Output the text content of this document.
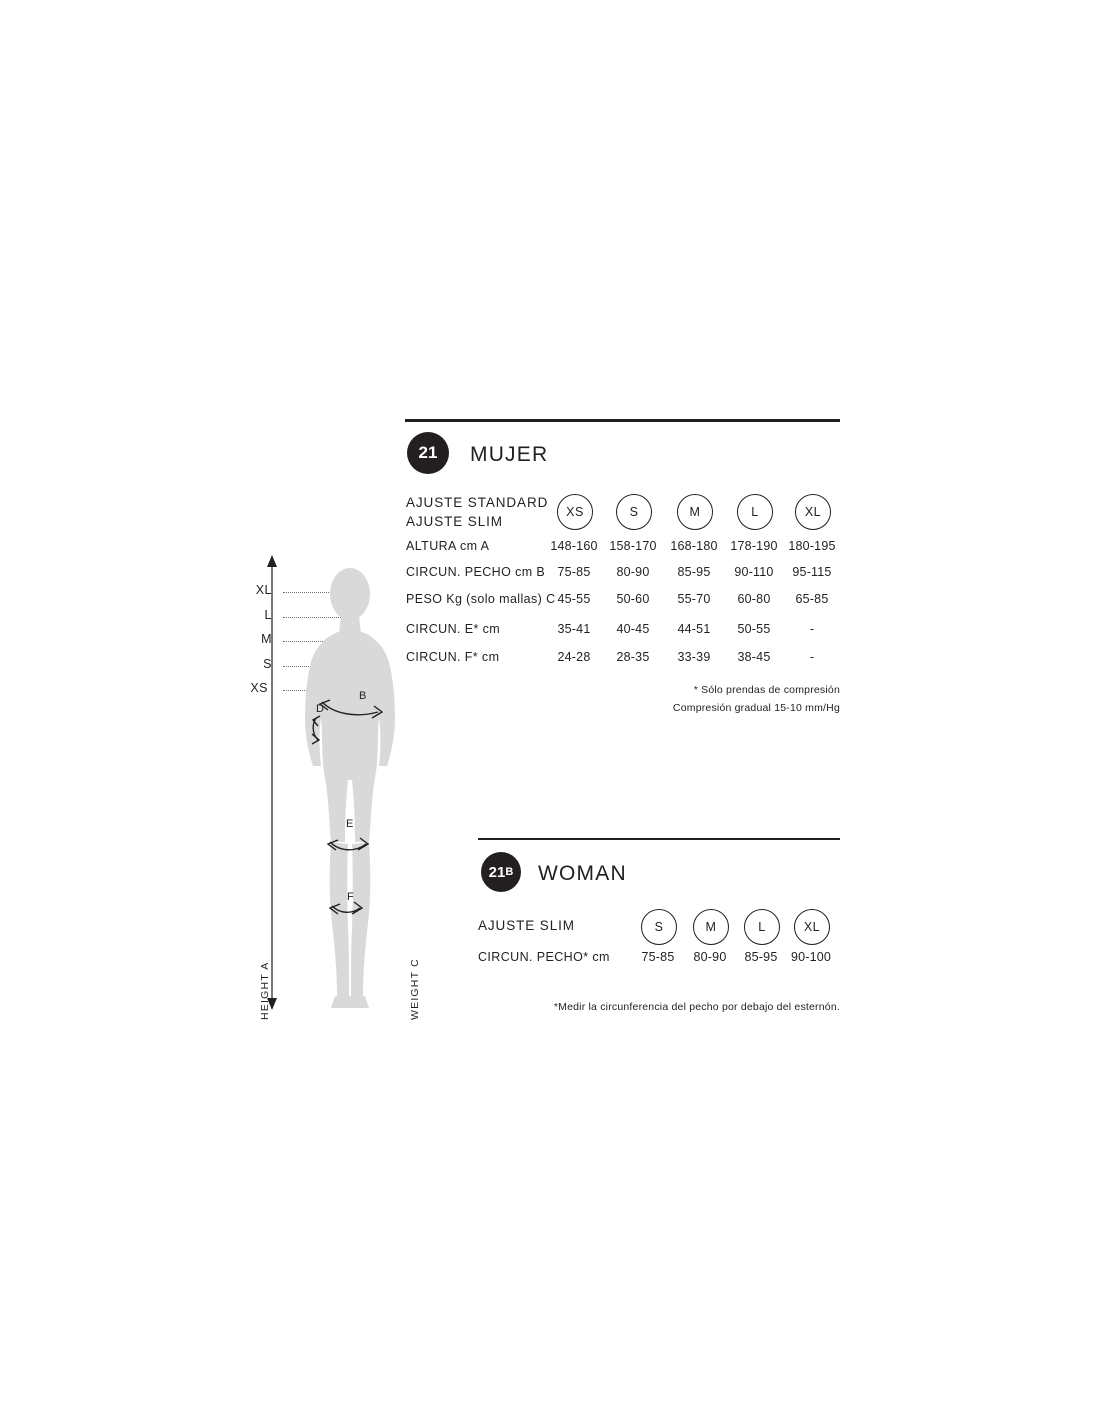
XL
L
M
S
XS
HEIGHT A	WEIGHT C
B
D
E
F
21 MUJER
AJUSTE STANDARD
AJUSTE SLIM
XS	S	M	L	XL
ALTURA cm A	148-160 158-170	168-180	178-190 180-195
CIRCUN. PECHO cm B 75-85	80-90	85-95	90-110	95-115
PESO Kg (solo mallas) C 45-55	50-60	55-70	60-80	65-85
CIRCUN. E* cm	35-41	40-45	44-51	50-55	-
CIRCUN. F* cm	24-28	28-35	33-39	38-45	-
* Sólo prendas de compresión
Compresión gradual 15-10 mm/Hg
21 B WOMAN
AJUSTE SLIM	S	M	L	XL
CIRCUN. PECHO* cm	75-85	80-90	85-95	90-100
*Medir la circunferencia del pecho por debajo del esternón.
